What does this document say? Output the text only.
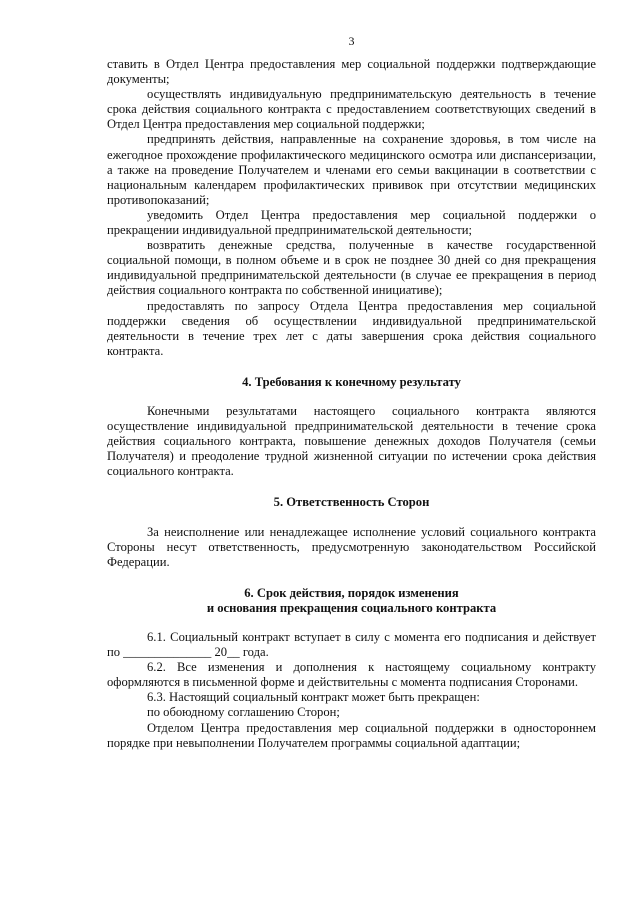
3

ставить в Отдел Центра предоставления мер социальной поддержки подтверждающие документы;

осуществлять индивидуальную предпринимательскую деятельность в течение срока действия социального контракта с предоставлением соответствующих сведений в Отдел Центра предоставления мер социальной поддержки;

предпринять действия, направленные на сохранение здоровья, в том числе на ежегодное прохождение профилактического медицинского осмотра или диспансеризации, а также на проведение Получателем и членами его семьи вакцинации в соответствии с национальным календарем профилактических прививок при отсутствии медицинских противопоказаний;

уведомить Отдел Центра предоставления мер социальной поддержки о прекращении индивидуальной предпринимательской деятельности;

возвратить денежные средства, полученные в качестве государственной социальной помощи, в полном объеме и в срок не позднее 30 дней со дня прекращения индивидуальной предпринимательской деятельности (в случае ее прекращения в период действия социального контракта по собственной инициативе);

предоставлять по запросу Отдела Центра предоставления мер социальной поддержки сведения об осуществлении индивидуальной предпринимательской деятельности в течение трех лет с даты завершения срока действия социального контракта.

4. Требования к конечному результату

Конечными результатами настоящего социального контракта являются осуществление индивидуальной предпринимательской деятельности в течение срока действия социального контракта, повышение денежных доходов Получателя (семьи Получателя) и преодоление трудной жизненной ситуации по истечении срока действия социального контракта.

5. Ответственность Сторон

За неисполнение или ненадлежащее исполнение условий социального контракта Стороны несут ответственность, предусмотренную законодательством Российской Федерации.

6. Срок действия, порядок изменения
и основания прекращения социального контракта

6.1. Социальный контракт вступает в силу с момента его подписания и действует по ______________ 20__ года.

6.2. Все изменения и дополнения к настоящему социальному контракту оформляются в письменной форме и действительны с момента подписания Сторонами.

6.3. Настоящий социальный контракт может быть прекращен:

по обоюдному соглашению Сторон;

Отделом Центра предоставления мер социальной поддержки в одностороннем порядке при невыполнении Получателем программы социальной адаптации;
